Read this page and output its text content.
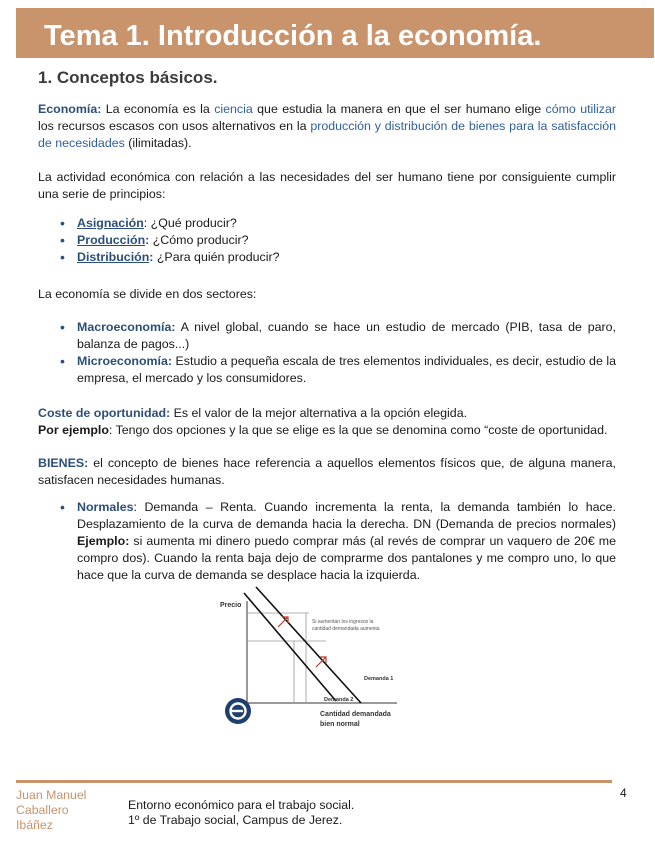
Tema 1. Introducción a la economía.
1. Conceptos básicos.
Economía: La economía es la ciencia que estudia la manera en que el ser humano elige cómo utilizar los recursos escasos con usos alternativos en la producción y distribución de bienes para la satisfacción de necesidades (ilimitadas).
La actividad económica con relación a las necesidades del ser humano tiene por consiguiente cumplir una serie de principios:
• Asignación: ¿Qué producir?
• Producción: ¿Cómo producir?
• Distribución: ¿Para quién producir?
La economía se divide en dos sectores:
• Macroeconomía: A nivel global, cuando se hace un estudio de mercado (PIB, tasa de paro, balanza de pagos...)
• Microeconomía: Estudio a pequeña escala de tres elementos individuales, es decir, estudio de la empresa, el mercado y los consumidores.
Coste de oportunidad: Es el valor de la mejor alternativa a la opción elegida.
Por ejemplo: Tengo dos opciones y la que se elige es la que se denomina como “coste de oportunidad.
BIENES: el concepto de bienes hace referencia a aquellos elementos físicos que, de alguna manera, satisfacen necesidades humanas.
• Normales: Demanda – Renta. Cuando incrementa la renta, la demanda también lo hace. Desplazamiento de la curva de demanda hacia la derecha. DN (Demanda de precios normales) Ejemplo: si aumenta mi dinero puedo comprar más (al revés de comprar un vaquero de 20€ me compro dos). Cuando la renta baja dejo de comprarme dos pantalones y me compro uno, lo que hace que la curva de demanda se desplace hacia la izquierda.
Precio
Si aumentan los ingresos la
cantidad demandada aumenta
Demanda 1
Demanda 2
Cantidad demandada
bien normal
Juan Manuel
Caballero
Ibáñez
Entorno económico para el trabajo social.
1º de Trabajo social, Campus de Jerez.
4
